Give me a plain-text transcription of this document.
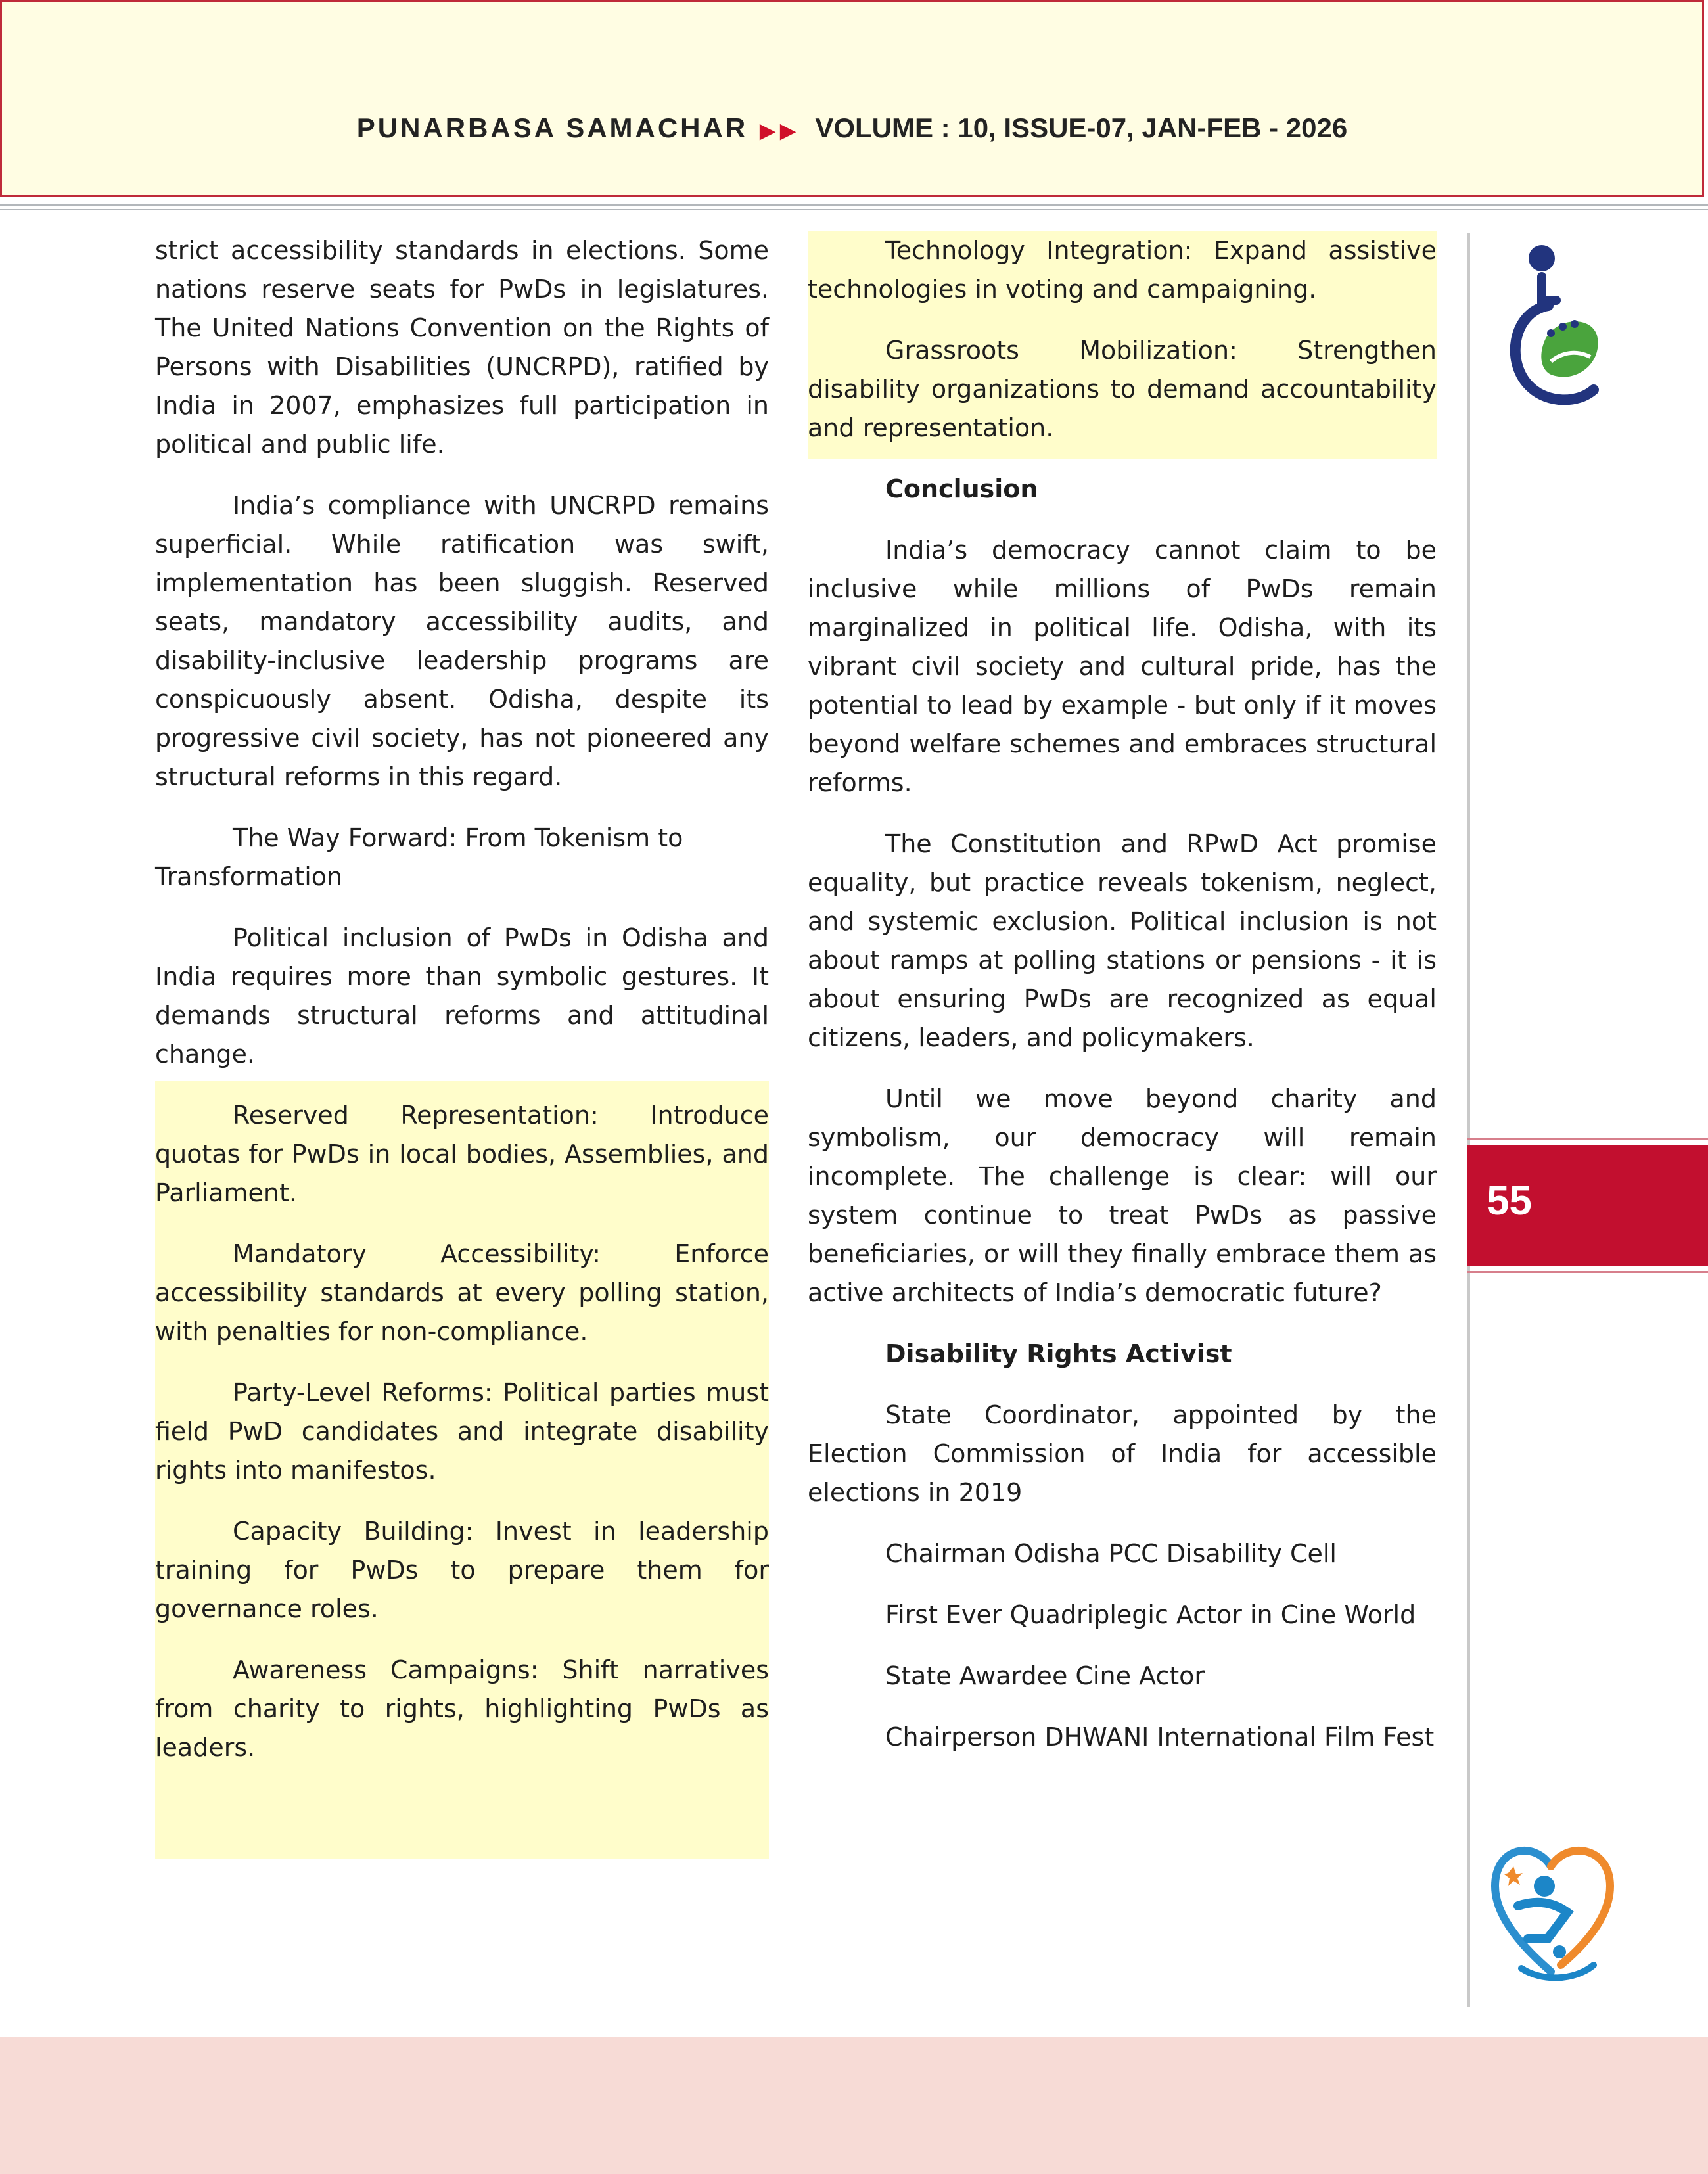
PUNARBASA SAMACHAR ▶▶ VOLUME : 10, ISSUE-07, JAN-FEB - 2026

strict accessibility standards in elections. Some nations reserve seats for PwDs in legislatures. The United Nations Convention on the Rights of Persons with Disabilities (UNCRPD), ratified by India in 2007, emphasizes full participation in political and public life.

India’s compliance with UNCRPD remains superficial. While ratification was swift, implementation has been sluggish. Reserved seats, mandatory accessibility audits, and disability-inclusive leadership programs are conspicuously absent. Odisha, despite its progressive civil society, has not pioneered any structural reforms in this regard.

The Way Forward: From Tokenism to Transformation

Political inclusion of PwDs in Odisha and India requires more than symbolic gestures. It demands structural reforms and attitudinal change.

Reserved Representation: Introduce quotas for PwDs in local bodies, Assemblies, and Parliament.

Mandatory Accessibility: Enforce accessibility standards at every polling station, with penalties for non-compliance.

Party-Level Reforms: Political parties must field PwD candidates and integrate disability rights into manifestos.

Capacity Building: Invest in leadership training for PwDs to prepare them for governance roles.

Awareness Campaigns: Shift narratives from charity to rights, highlighting PwDs as leaders.

Technology Integration: Expand assistive technologies in voting and campaigning.

Grassroots Mobilization: Strengthen disability organizations to demand accountability and representation.

Conclusion

India’s democracy cannot claim to be inclusive while millions of PwDs remain marginalized in political life. Odisha, with its vibrant civil society and cultural pride, has the potential to lead by example - but only if it moves beyond welfare schemes and embraces structural reforms.

The Constitution and RPwD Act promise equality, but practice reveals tokenism, neglect, and systemic exclusion. Political inclusion is not about ramps at polling stations or pensions - it is about ensuring PwDs are recognized as equal citizens, leaders, and policymakers.

Until we move beyond charity and symbolism, our democracy will remain incomplete. The challenge is clear: will our system continue to treat PwDs as passive beneficiaries, or will they finally embrace them as active architects of India’s democratic future?

Disability Rights Activist

State Coordinator, appointed by the Election Commission of India for accessible elections in 2019

Chairman Odisha PCC Disability Cell

First Ever Quadriplegic Actor in Cine World

State Awardee Cine Actor

Chairperson DHWANI International Film Fest

55
